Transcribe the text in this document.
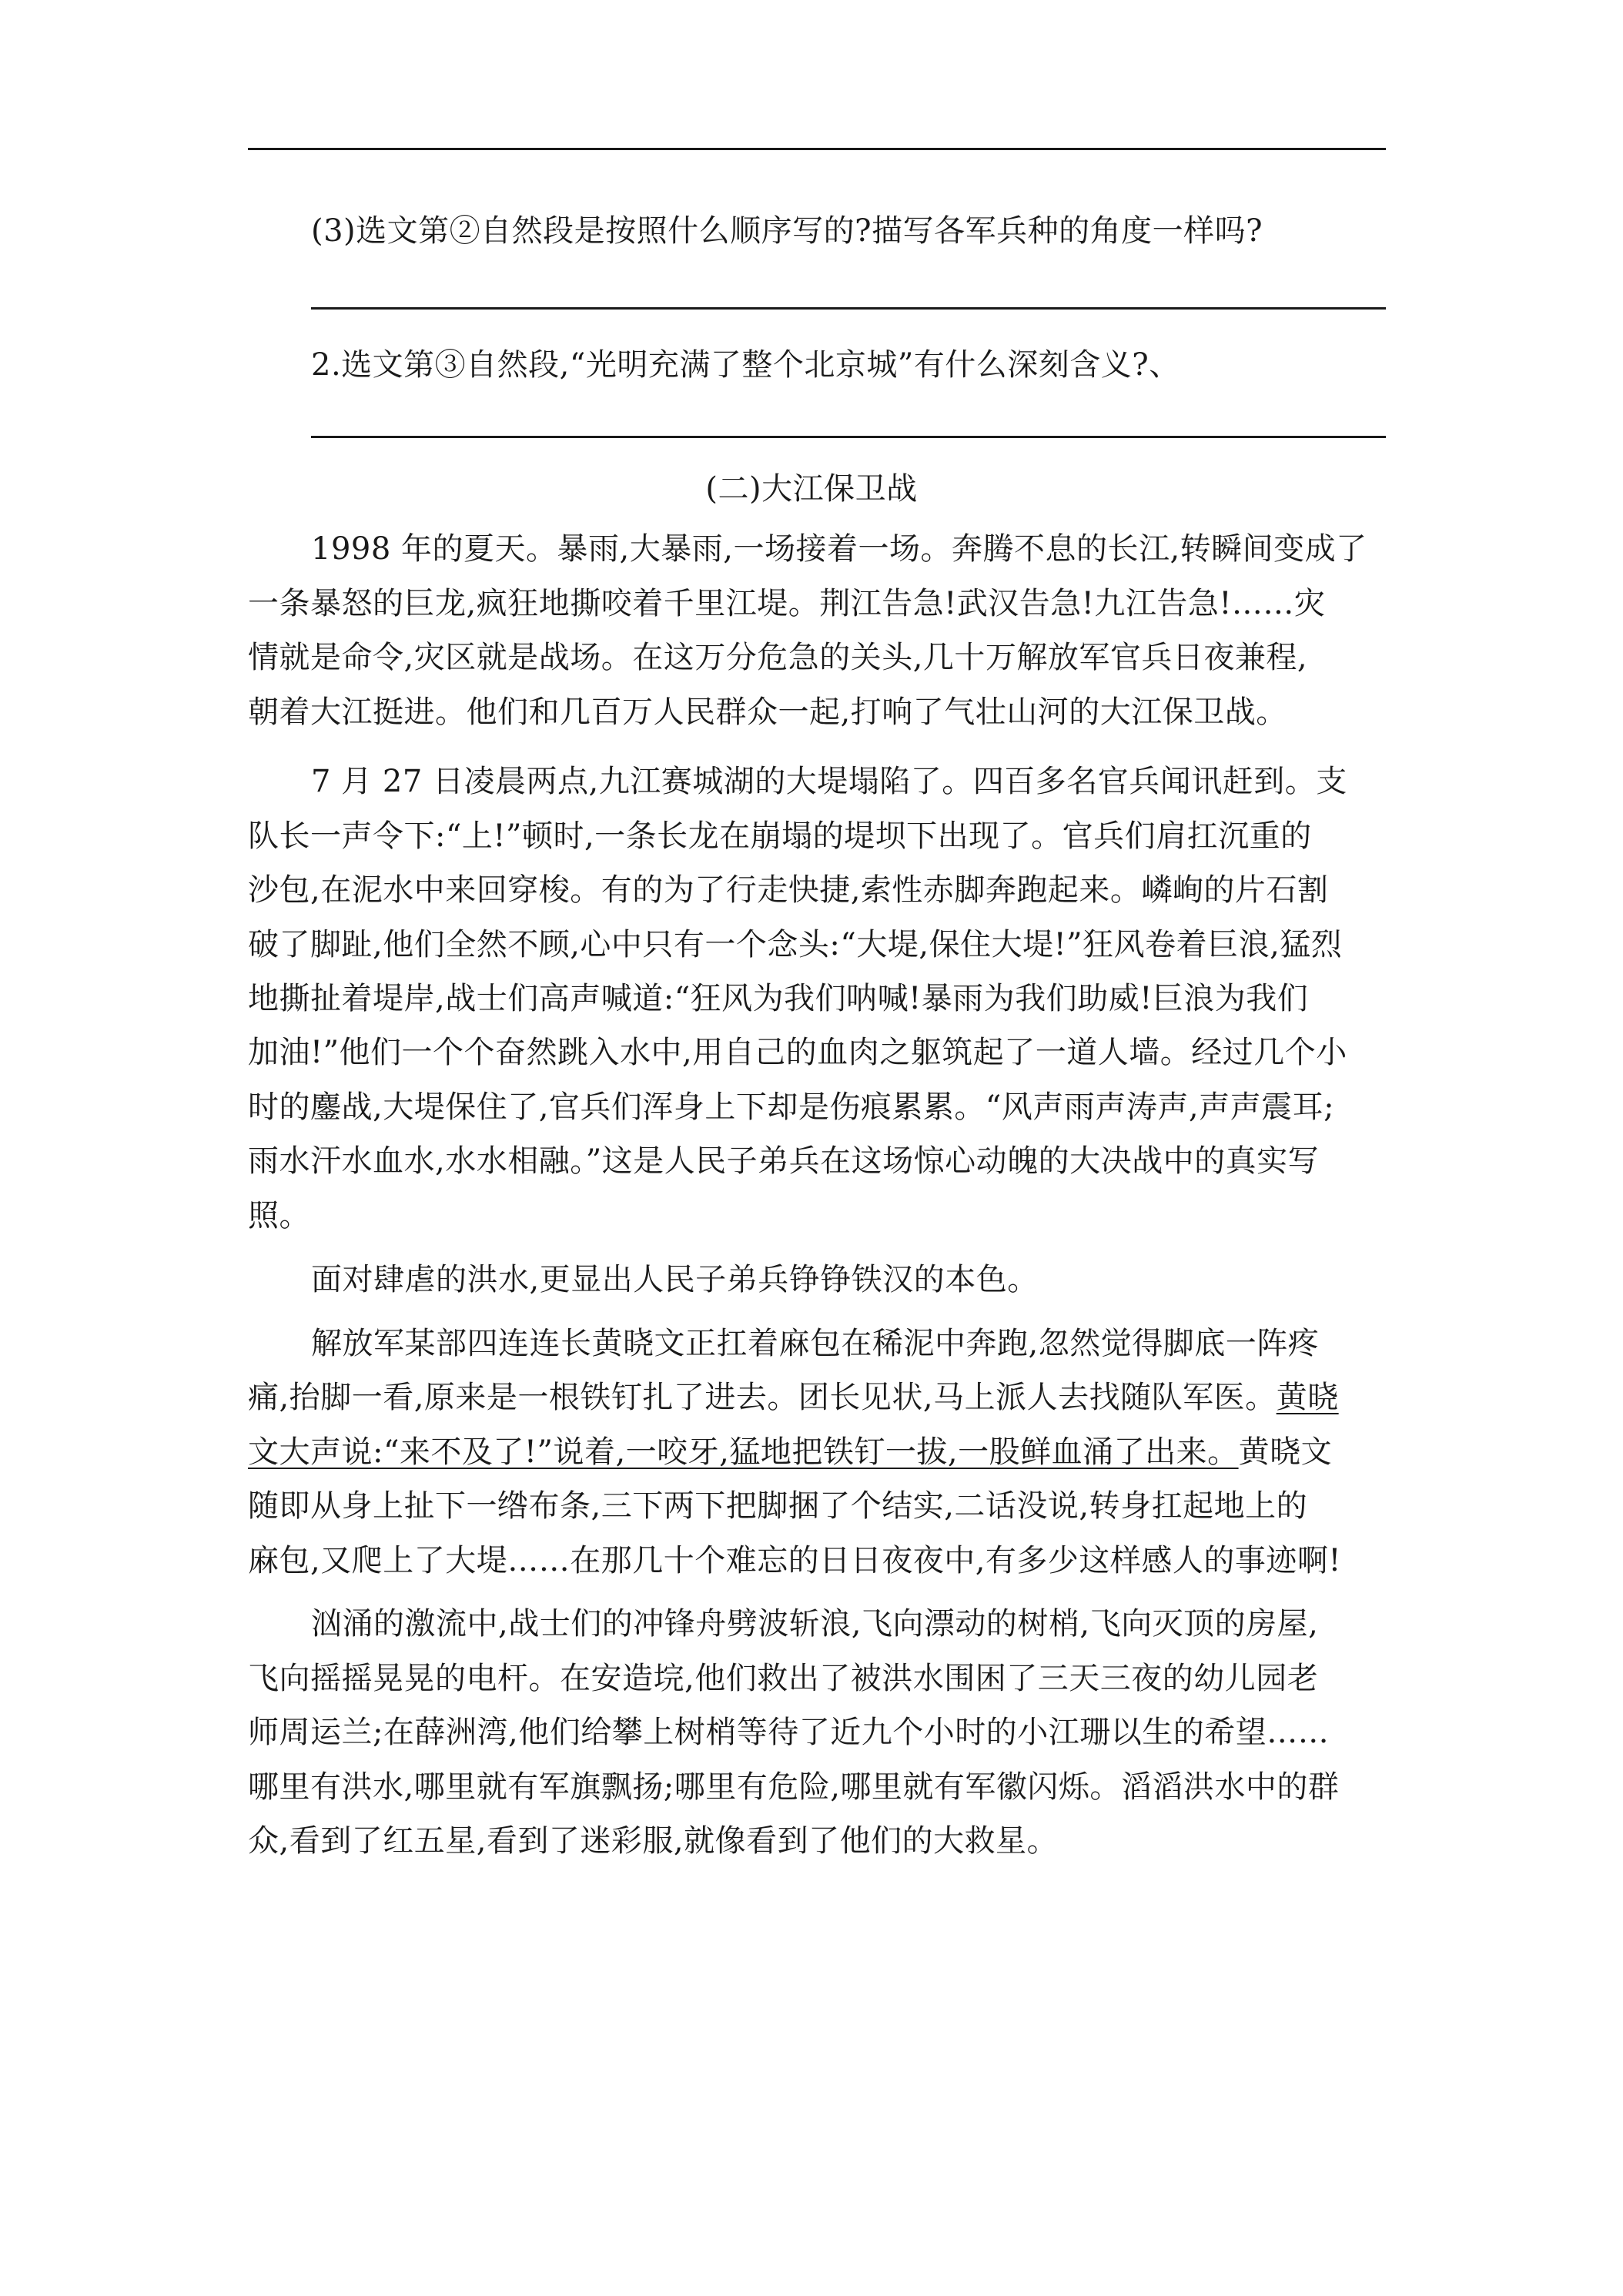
(3)选文第②自然段是按照什么顺序写的?描写各军兵种的角度一样吗?
2.选文第③自然段,“光明充满了整个北京城”有什么深刻含义?、
(二)大江保卫战
1998 年的夏天。暴雨,大暴雨,一场接着一场。奔腾不息的长江,转瞬间变成了
一条暴怒的巨龙,疯狂地撕咬着千里江堤。荆江告急!武汉告急!九江告急!……灾
情就是命令,灾区就是战场。在这万分危急的关头,几十万解放军官兵日夜兼程,
朝着大江挺进。他们和几百万人民群众一起,打响了气壮山河的大江保卫战。
7 月 27 日凌晨两点,九江赛城湖的大堤塌陷了。四百多名官兵闻讯赶到。支
队长一声令下:“上!”顿时,一条长龙在崩塌的堤坝下出现了。官兵们肩扛沉重的
沙包,在泥水中来回穿梭。有的为了行走快捷,索性赤脚奔跑起来。嶙峋的片石割
破了脚趾,他们全然不顾,心中只有一个念头:“大堤,保住大堤!”狂风卷着巨浪,猛烈
地撕扯着堤岸,战士们高声喊道:“狂风为我们呐喊!暴雨为我们助威!巨浪为我们
加油!”他们一个个奋然跳入水中,用自己的血肉之躯筑起了一道人墙。经过几个小
时的鏖战,大堤保住了,官兵们浑身上下却是伤痕累累。“风声雨声涛声,声声震耳;
雨水汗水血水,水水相融。”这是人民子弟兵在这场惊心动魄的大决战中的真实写
照。
面对肆虐的洪水,更显出人民子弟兵铮铮铁汉的本色。
解放军某部四连连长黄晓文正扛着麻包在稀泥中奔跑,忽然觉得脚底一阵疼
痛,抬脚一看,原来是一根铁钉扎了进去。团长见状,马上派人去找随队军医。黄晓
文大声说:“来不及了!”说着,一咬牙,猛地把铁钉一拔,一股鲜血涌了出来。黄晓文
随即从身上扯下一绺布条,三下两下把脚捆了个结实,二话没说,转身扛起地上的
麻包,又爬上了大堤……在那几十个难忘的日日夜夜中,有多少这样感人的事迹啊!
汹涌的激流中,战士们的冲锋舟劈波斩浪,飞向漂动的树梢,飞向灭顶的房屋,
飞向摇摇晃晃的电杆。在安造垸,他们救出了被洪水围困了三天三夜的幼儿园老
师周运兰;在薛洲湾,他们给攀上树梢等待了近九个小时的小江珊以生的希望……
哪里有洪水,哪里就有军旗飘扬;哪里有危险,哪里就有军徽闪烁。滔滔洪水中的群
众,看到了红五星,看到了迷彩服,就像看到了他们的大救星。
